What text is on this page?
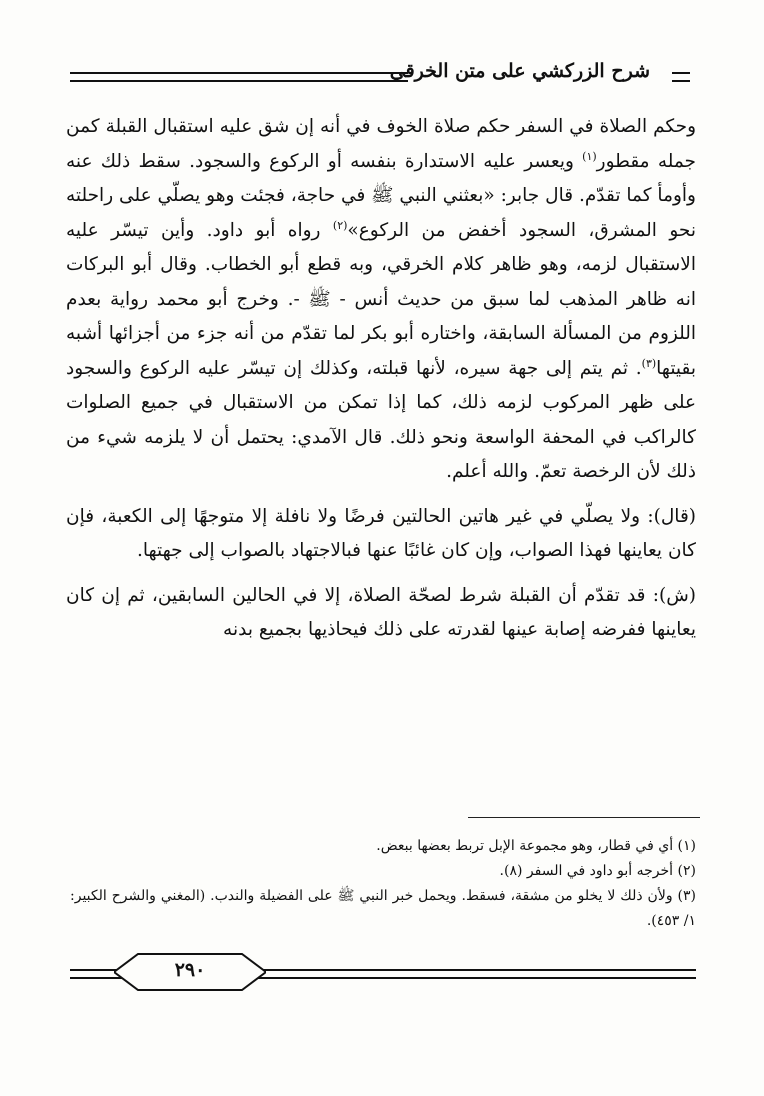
شرح الزركشي على متن الخرقي

وحكم الصلاة في السفر حكم صلاة الخوف في أنه إن شق عليه استقبال القبلة كمن جمله مقطور$^{(١)}$ ويعسر عليه الاستدارة بنفسه أو الركوع والسجود. سقط ذلك عنه وأومأ كما تقدّم. قال جابر: «بعثني النبي ﷺ في حاجة، فجئت وهو يصلّي على راحلته نحو المشرق، السجود أخفض من الركوع»$^{(٢)}$ رواه أبو داود. وأين تيسّر عليه الاستقبال لزمه، وهو ظاهر كلام الخرقي، وبه قطع أبو الخطاب. وقال أبو البركات انه ظاهر المذهب لما سبق من حديث أنس - ﷺ -. وخرج أبو محمد رواية بعدم اللزوم من المسألة السابقة، واختاره أبو بكر لما تقدّم من أنه جزء من أجزائها أشبه بقيتها$^{(٣)}$. ثم يتم إلى جهة سيره، لأنها قبلته، وكذلك إن تيسّر عليه الركوع والسجود على ظهر المركوب لزمه ذلك، كما إذا تمكن من الاستقبال في جميع الصلوات كالراكب في المحفة الواسعة ونحو ذلك. قال الآمدي: يحتمل أن لا يلزمه شيء من ذلك لأن الرخصة تعمّ. والله أعلم.

(قال): ولا يصلّي في غير هاتين الحالتين فرضًا ولا نافلة إلا متوجهًا إلى الكعبة، فإن كان يعاينها فهذا الصواب، وإن كان غائبًا عنها فبالاجتهاد بالصواب إلى جهتها.

(ش): قد تقدّم أن القبلة شرط لصحّة الصلاة، إلا في الحالين السابقين، ثم إن كان يعاينها ففرضه إصابة عينها لقدرته على ذلك فيحاذيها بجميع بدنه

(١) أي في قطار، وهو مجموعة الإبل تربط بعضها ببعض.

(٢) أخرجه أبو داود في السفر (٨).

(٣) ولأن ذلك لا يخلو من مشقة، فسقط. ويحمل خبر النبي ﷺ على الفضيلة والندب. (المغني والشرح الكبير: ١/ ٤٥٣).

٢٩٠
